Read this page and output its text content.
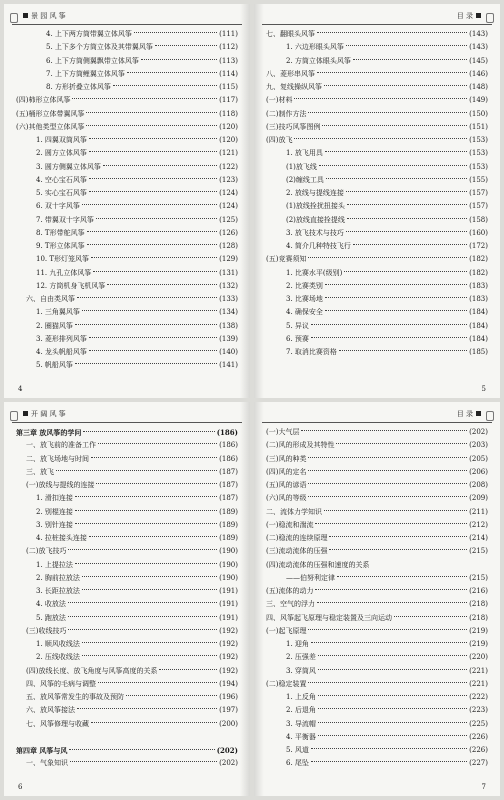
景 园 风 筝
4. 上下两方筒带翼立体风筝	(111)
5. 上下多个方筒立体及其带翼风筝	(112)
6. 上下方筒侧翼飘带立体风筝	(113)
7. 上下方筒鲤翼立体风筝	(114)
8. 方形折叠立体风筝	(115)
(四)柿形立体风筝	(117)
(五)桶形立体带翼风筝	(118)
(六)其他类型立体风筝	(120)
1. 四翼双筒风筝	(120)
2. 圆方立体风筝	(121)
3. 圆方侧翼立体风筝	(122)
4. 空心宝石风筝	(123)
5. 实心宝石风筝	(124)
6. 双十字风筝	(124)
7. 带翼双十字风筝	(125)
8. T形带舵风筝	(126)
9. T形立体风筝	(128)
10. T形灯笼风筝	(129)
11. 九孔立体风筝	(131)
12. 方筒机身飞机风筝	(132)
六、自由类风筝	(133)
1. 三角翼风筝	(134)
2. 圈猫风筝	(138)
3. 菱形排列风筝	(139)
4. 龙头帆船风筝	(140)
5. 帆船风筝	(141)
4
目 录
七、翻眼头风筝	(143)
1. 六边形眼头风筝	(143)
2. 方筒立体眼头风筝	(145)
八、菱形串风筝	(146)
九、复线操纵风筝	(148)
(一)材料	(149)
(二)制作方法	(150)
(三)技巧风筝图例	(151)
(四)放飞	(153)
1. 放飞用具	(153)
(1)放飞线	(153)
(2)缠线工具	(155)
2. 放线与提线连接	(157)
(1)放线拴扰扭接头	(157)
(2)放线直接拴提线	(158)
3. 放飞技术与技巧	(160)
4. 简介几种特技飞行	(172)
(五)竞赛须知	(182)
1. 比赛水平(级别)	(182)
2. 比赛类别	(183)
3. 比赛场地	(183)
4. 确保安全	(184)
5. 异议	(184)
6. 预赛	(184)
7. 取消比赛资格	(185)
5
开 阔 风 筝
第三章 放风筝的学问	(186)
一、放飞前的准备工作	(186)
二、放飞场地与时间	(186)
三、放飞	(187)
(一)放线与提线的连接	(187)
1. 滑扣连接	(187)
2. 别棍连接	(189)
3. 别针连接	(189)
4. 拉桩接头连接	(189)
(二)放飞技巧	(190)
1. 上提拉法	(190)
2. 胸前拉放法	(190)
3. 长距拉放法	(191)
4. 收放法	(191)
5. 跑放法	(191)
(三)收线技巧	(192)
1. 顺风收线法	(192)
2. 压线收线法	(192)
(四)放线长度、放飞角度与风筝高度的关系	(192)
四、风筝的毛病与调整	(194)
五、放风筝常发生的事故及预防	(196)
六、放风筝接法	(197)
七、风筝修理与收藏	(200)
第四章 风筝与风	(202)
一、气象知识	(202)
6
目 录
(一)大气层	(202)
(二)风的形成及其特性	(203)
(三)风的种类	(205)
(四)风的定名	(206)
(五)风的谚语	(208)
(六)风的等级	(209)
二、流体力学知识	(211)
(一)稳流和湍流	(212)
(二)稳流的连续原理	(214)
(三)流动流体的压强	(215)
(四)流动流体的压强和速度的关系
——伯努利定律	(215)
(五)流体的动力	(216)
三、空气的浮力	(218)
四、风筝起飞原理与稳定装置及三向运动	(218)
(一)起飞原理	(219)
1. 迎角	(219)
2. 压强差	(220)
3. 穿筒风	(221)
(二)稳定装置	(221)
1. 上反角	(222)
2. 后退角	(223)
3. 导流帽	(225)
4. 平衡器	(226)
5. 风道	(226)
6. 尾坠	(227)
7
